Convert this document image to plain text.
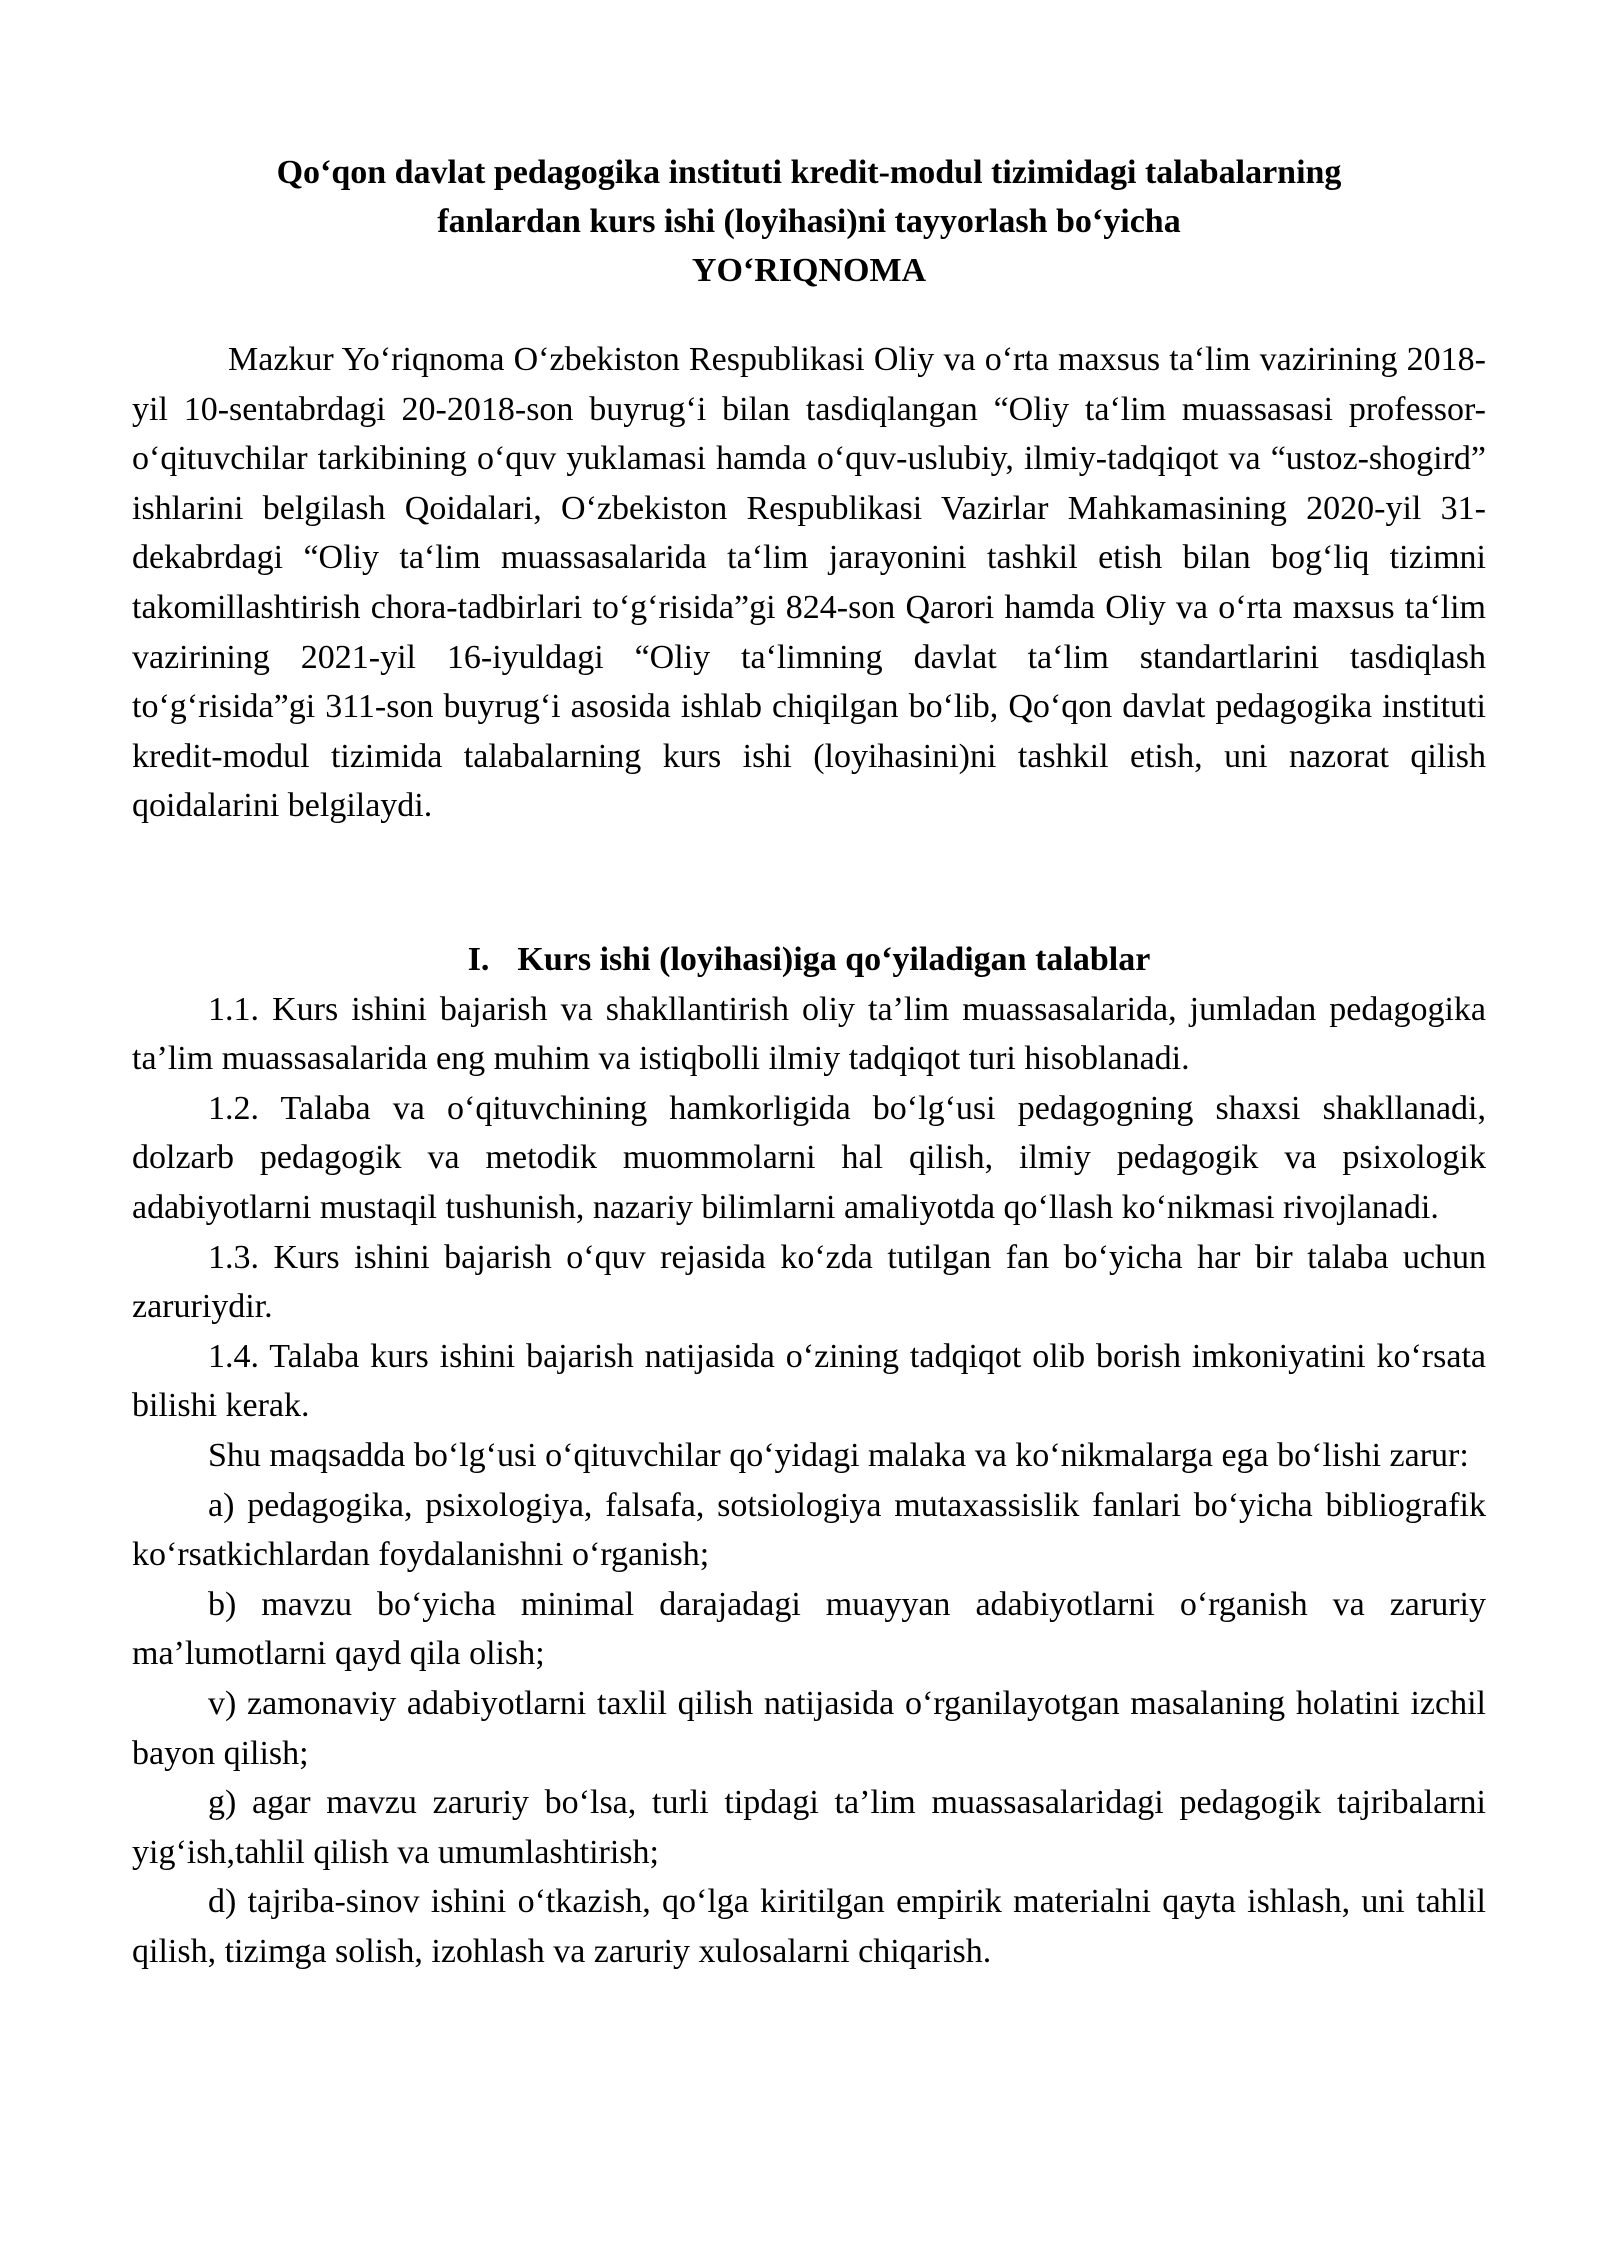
Qo‘qon davlat pedagogika instituti kredit-modul tizimidagi talabalarning
fanlardan kurs ishi (loyihasi)ni tayyorlash bo‘yicha
YO‘RIQNOMA

Mazkur Yo‘riqnoma O‘zbekiston Respublikasi Oliy va o‘rta maxsus ta‘lim vazirining 2018-yil 10-sentabrdagi 20-2018-son buyrug‘i bilan tasdiqlangan “Oliy ta‘lim muassasasi professor-o‘qituvchilar tarkibining o‘quv yuklamasi hamda o‘quv-uslubiy, ilmiy-tadqiqot va “ustoz-shogird” ishlarini belgilash Qoidalari, O‘zbekiston Respublikasi Vazirlar Mahkamasining 2020-yil 31-dekabrdagi “Oliy ta‘lim muassasalarida ta‘lim jarayonini tashkil etish bilan bog‘liq tizimni takomillashtirish chora-tadbirlari to‘g‘risida”gi 824-son Qarori hamda Oliy va o‘rta maxsus ta‘lim vazirining 2021-yil 16-iyuldagi “Oliy ta‘limning davlat ta‘lim standartlarini tasdiqlash to‘g‘risida”gi 311-son buyrug‘i asosida ishlab chiqilgan bo‘lib, Qo‘qon davlat pedagogika instituti kredit-modul tizimida talabalarning kurs ishi (loyihasini)ni tashkil etish, uni nazorat qilish qoidalarini belgilaydi.

I. Kurs ishi (loyihasi)iga qo‘yiladigan talablar

1.1. Kurs ishini bajarish va shakllantirish oliy ta’lim muassasalarida, jumladan pedagogika ta’lim muassasalarida eng muhim va istiqbolli ilmiy tadqiqot turi hisoblanadi.

1.2. Talaba va o‘qituvchining hamkorligida bo‘lg‘usi pedagogning shaxsi shakllanadi, dolzarb pedagogik va metodik muommolarni hal qilish, ilmiy pedagogik va psixologik adabiyotlarni mustaqil tushunish, nazariy bilimlarni amaliyotda qo‘llash ko‘nikmasi rivojlanadi.

1.3. Kurs ishini bajarish o‘quv rejasida ko‘zda tutilgan fan bo‘yicha har bir talaba uchun zaruriydir.

1.4. Talaba kurs ishini bajarish natijasida o‘zining tadqiqot olib borish imkoniyatini ko‘rsata bilishi kerak.

Shu maqsadda bo‘lg‘usi o‘qituvchilar qo‘yidagi malaka va ko‘nikmalarga ega bo‘lishi zarur:

a) pedagogika, psixologiya, falsafa, sotsiologiya mutaxassislik fanlari bo‘yicha bibliografik ko‘rsatkichlardan foydalanishni o‘rganish;

b) mavzu bo‘yicha minimal darajadagi muayyan adabiyotlarni o‘rganish va zaruriy ma’lumotlarni qayd qila olish;

v) zamonaviy adabiyotlarni taxlil qilish natijasida o‘rganilayotgan masalaning holatini izchil bayon qilish;

g) agar mavzu zaruriy bo‘lsa, turli tipdagi ta’lim muassasalaridagi pedagogik tajribalarni yig‘ish,tahlil qilish va umumlashtirish;

d) tajriba-sinov ishini o‘tkazish, qo‘lga kiritilgan empirik materialni qayta ishlash, uni tahlil qilish, tizimga solish, izohlash va zaruriy xulosalarni chiqarish.
